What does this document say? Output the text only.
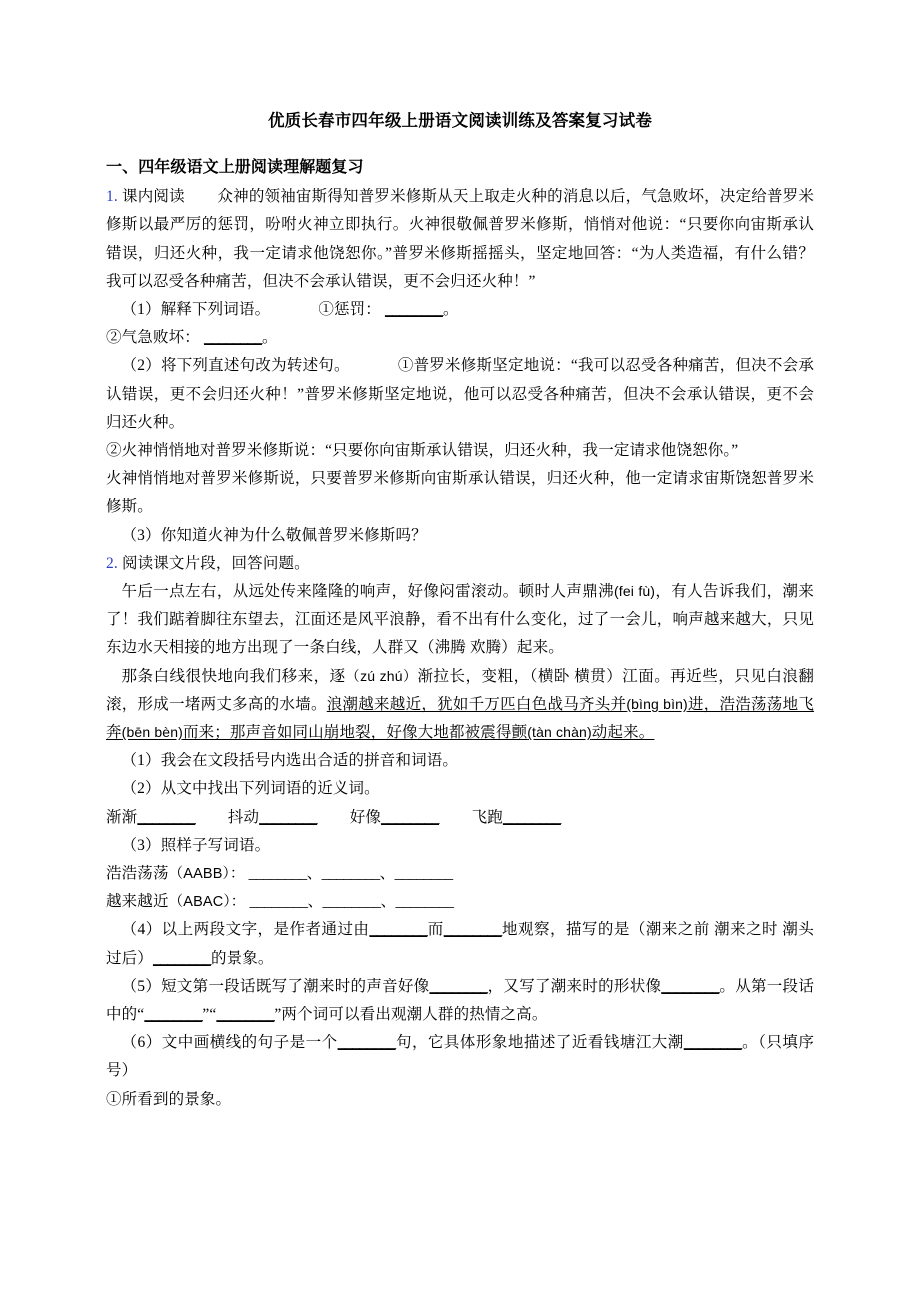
优质长春市四年级上册语文阅读训练及答案复习试卷
一、四年级语文上册阅读理解题复习

1. 课内阅读 众神的领袖宙斯得知普罗米修斯从天上取走火种的消息以后，气急败坏，决定给普罗米修斯以最严厉的惩罚，吩咐火神立即执行。火神很敬佩普罗米修斯，悄悄对他说：“只要你向宙斯承认错误，归还火种，我一定请求他饶恕你。”普罗米修斯摇摇头，坚定地回答：“为人类造福，有什么错？我可以忍受各种痛苦，但决不会承认错误，更不会归还火种！”

（1）解释下列词语。	①惩罚： ________。

②气急败坏： ________。

（2）将下列直述句改为转述句。	①普罗米修斯坚定地说：“我可以忍受各种痛苦，但决不会承认错误，更不会归还火种！”普罗米修斯坚定地说，他可以忍受各种痛苦，但决不会承认错误，更不会归还火种。

②火神悄悄地对普罗米修斯说：“只要你向宙斯承认错误，归还火种，我一定请求他饶恕你。”

火神悄悄地对普罗米修斯说，只要普罗米修斯向宙斯承认错误，归还火种，他一定请求宙斯饶恕普罗米修斯。

（3）你知道火神为什么敬佩普罗米修斯吗？

2. 阅读课文片段，回答问题。

午后一点左右，从远处传来隆隆的响声，好像闷雷滚动。顿时人声鼎沸(fei fù)，有人告诉我们，潮来了！我们踮着脚往东望去，江面还是风平浪静，看不出有什么变化，过了一会儿，响声越来越大，只见东边水天相接的地方出现了一条白线，人群又（沸腾 欢腾）起来。

那条白线很快地向我们移来，逐（zú zhú）渐拉长，变粗，（横卧 横贯）江面。再近些，只见白浪翻滚，形成一堵两丈多高的水墙。浪潮越来越近，犹如千万匹白色战马齐头并(bìng bìn)进，浩浩荡荡地飞奔(bēn bèn)而来；那声音如同山崩地裂，好像大地都被震得颤(tàn chàn)动起来。

（1）我会在文段括号内选出合适的拼音和词语。

（2）从文中找出下列词语的近义词。

渐渐________ 抖动________ 好像________ 飞跑________

（3）照样子写词语。

浩浩荡荡（AABB）： ________、________、________

越来越近（ABAC）： ________、________、________

（4）以上两段文字，是作者通过由________而________地观察，描写的是（潮来之前 潮来之时 潮头过后）________的景象。

（5）短文第一段话既写了潮来时的声音好像________，又写了潮来时的形状像________。从第一段话中的“________”“________”两个词可以看出观潮人群的热情之高。

（6）文中画横线的句子是一个________句，它具体形象地描述了近看钱塘江大潮________。（只填序号）

①所看到的景象。
